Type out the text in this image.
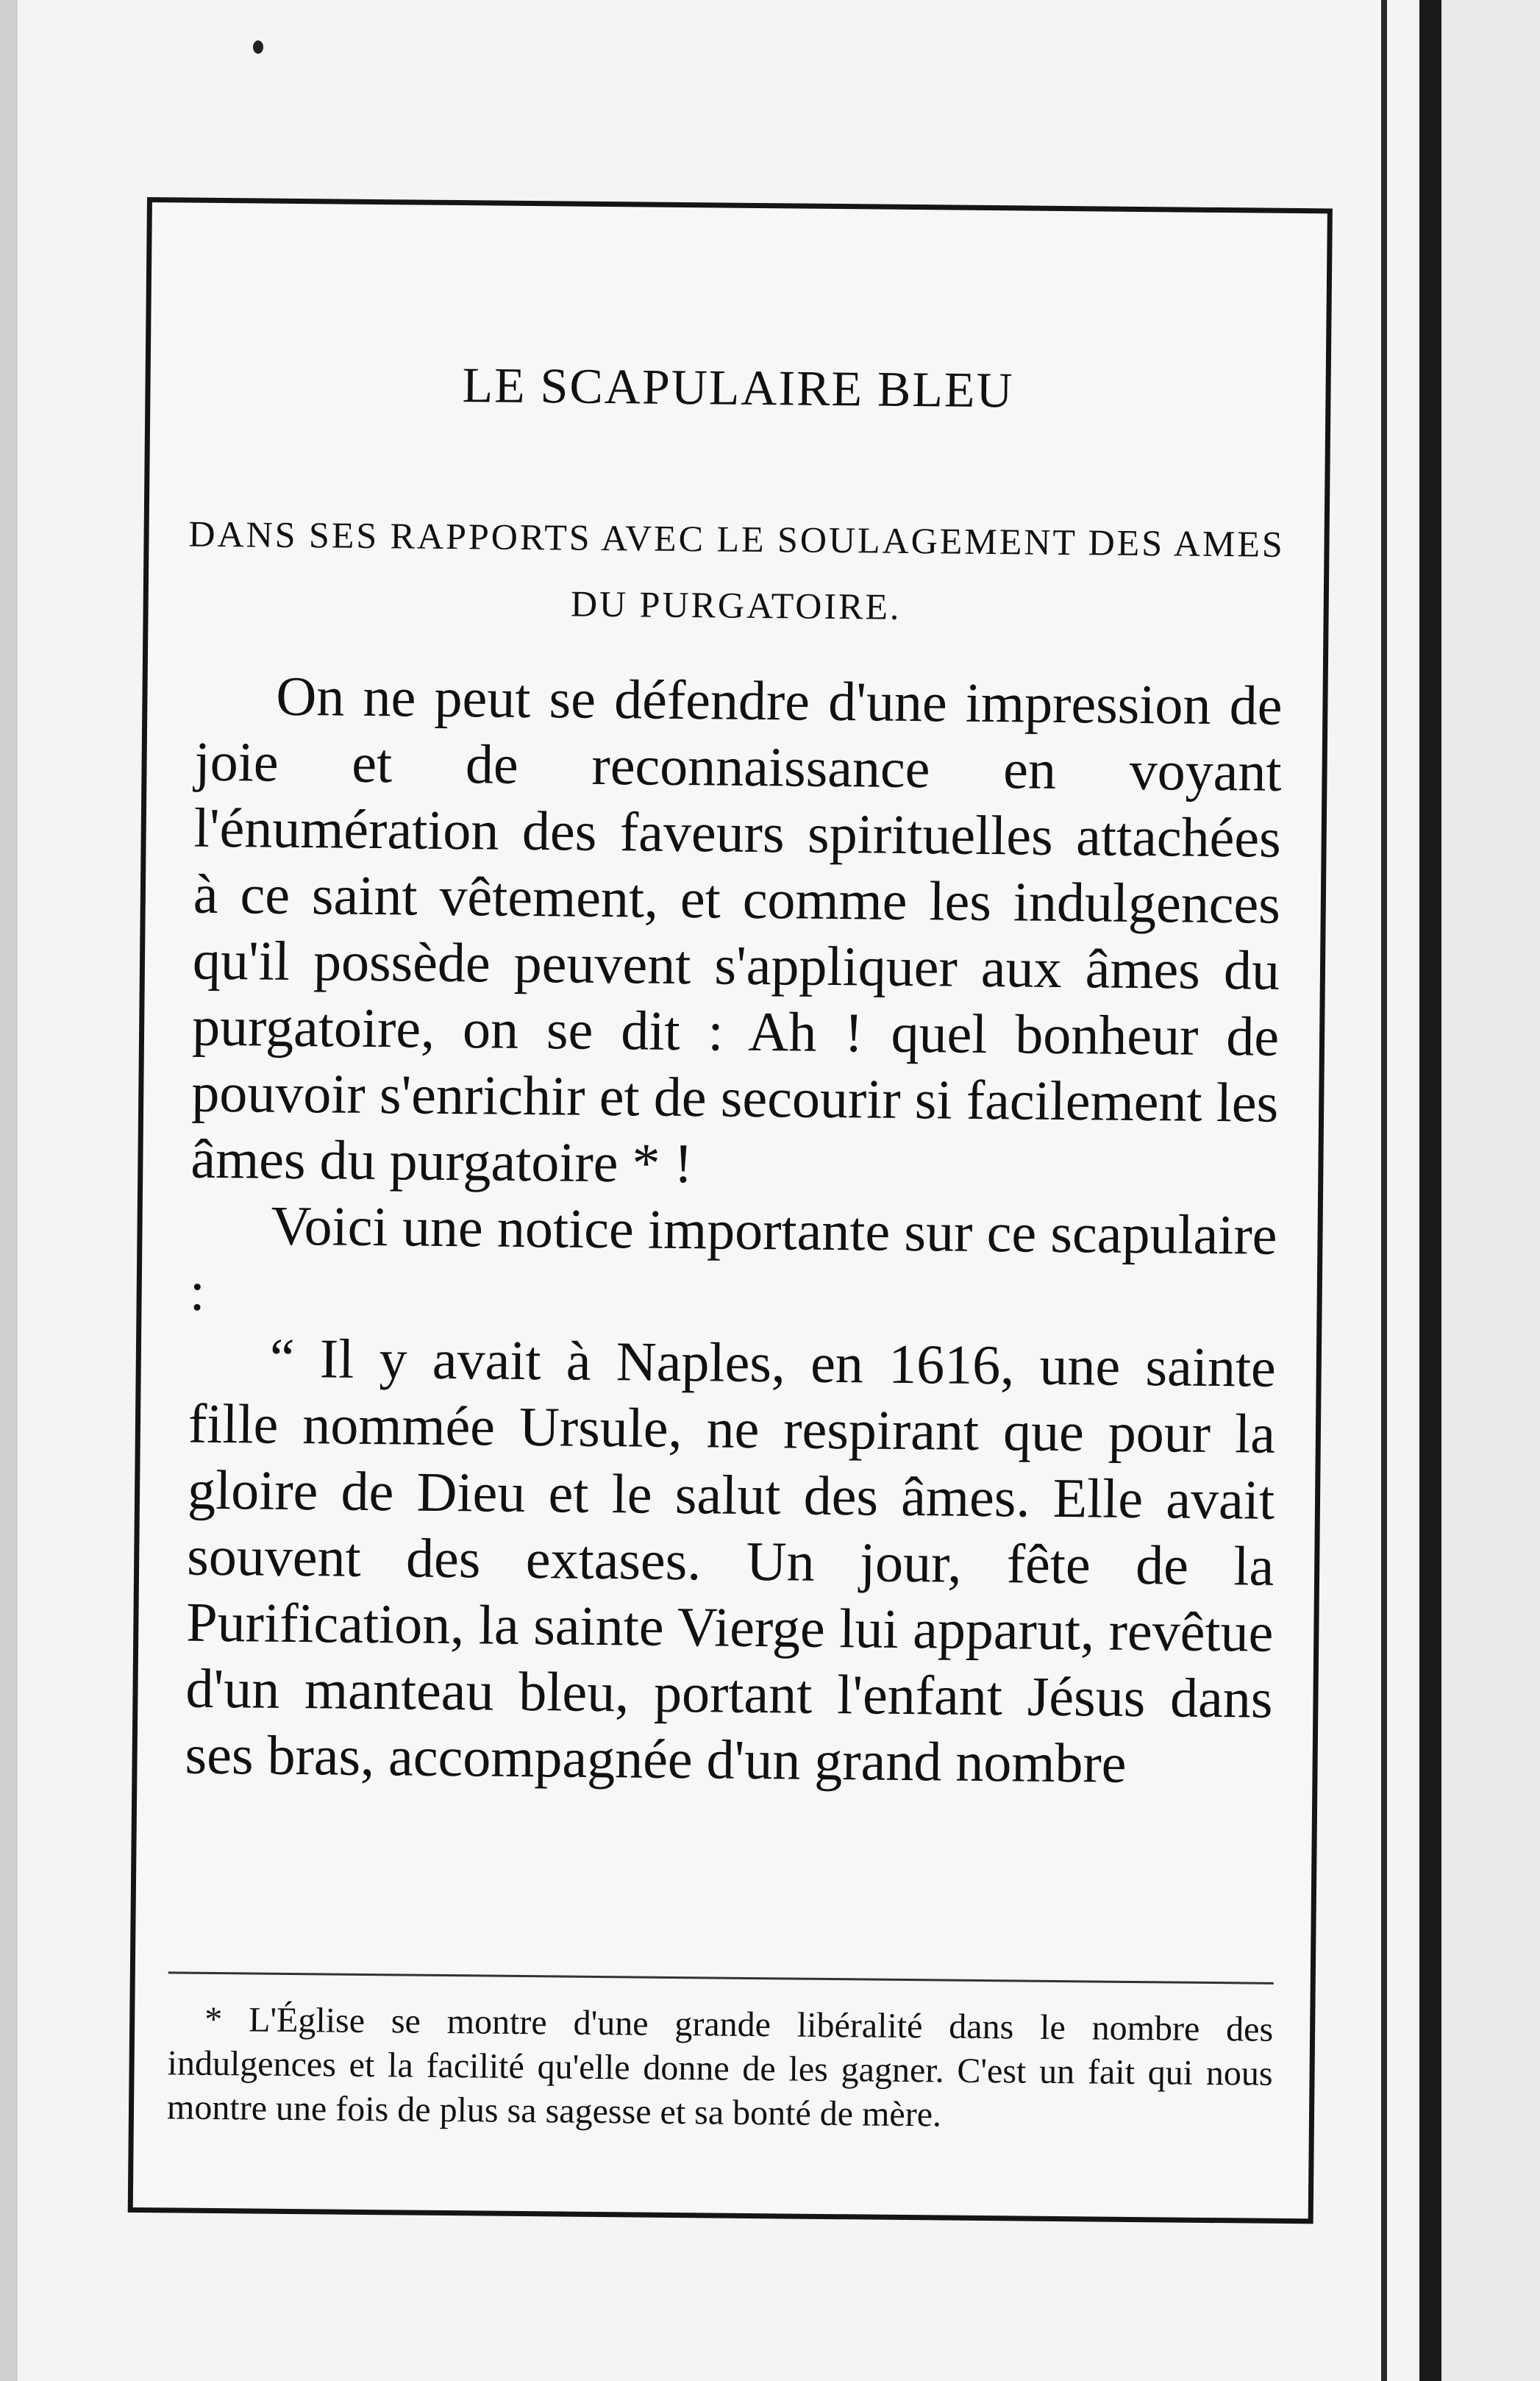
LE SCAPULAIRE BLEU
DANS SES RAPPORTS AVEC LE SOULAGEMENT DES AMES DU PURGATOIRE.

On ne peut se défendre d'une impression de joie et de reconnaissance en voyant l'énumération des faveurs spirituelles attachées à ce saint vêtement, et comme les indulgences qu'il possède peuvent s'appliquer aux âmes du purgatoire, on se dit : Ah ! quel bonheur de pouvoir s'enrichir et de secourir si facilement les âmes du purgatoire * !

Voici une notice importante sur ce scapulaire :

“ Il y avait à Naples, en 1616, une sainte fille nommée Ursule, ne respirant que pour la gloire de Dieu et le salut des âmes. Elle avait souvent des extases. Un jour, fête de la Purification, la sainte Vierge lui apparut, revêtue d'un manteau bleu, portant l'enfant Jésus dans ses bras, accompagnée d'un grand nombre

* L'Église se montre d'une grande libéralité dans le nombre des indulgences et la facilité qu'elle donne de les gagner. C'est un fait qui nous montre une fois de plus sa sagesse et sa bonté de mère.
